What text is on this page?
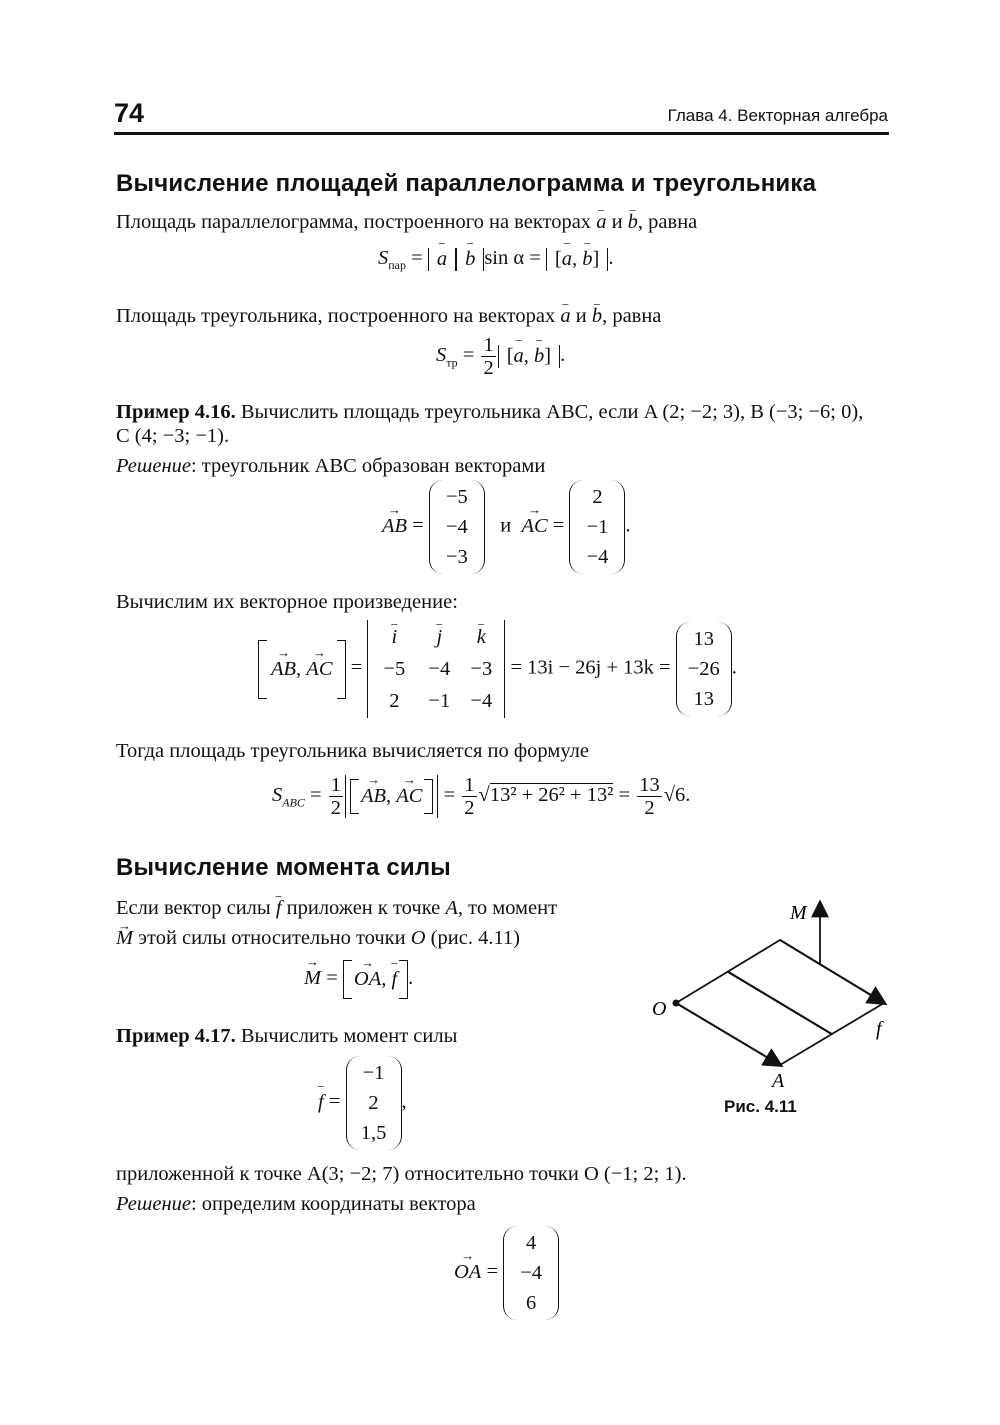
74	Глава 4. Векторная алгебра
Вычисление площадей параллелограмма и треугольника
Площадь параллелограмма, построенного на векторах − a и − b, равна
$S_{пар}$ = − a − b sin α = [− a, − b] .
Площадь треугольника, построенного на векторах − a и − b, равна
$S_{тр} = \frac{1}{2}$ [− a, − b] .
Пример 4.16. Вычислить площадь треугольника ABC, если A (2; −2; 3), B (−3; −6; 0),
C (4; −3; −1).
Решение: треугольник ABC образован векторами
→ AB =
−5
−4
−3
и → AC =
2
−1
−4
.
Вычислим их векторное произведение:
→ AB, → AC =
− i	− j	− k
−5	−4 −3
2	−1 −4
= 13i − 26j + 13k =
13
−26
13
.
Тогда площадь треугольника вычисляется по формуле
$S_{ABC} = \frac{1}{2}$ → AB, → AC = $\frac{1}{2} √13^2 + 26^2 + 13^2 = \frac{13}{2} √6$.
Вычисление момента силы
Если вектор силы − f приложен к точке A, то момент
→ M этой силы относительно точки O (рис. 4.11)
→ M = → OA, − f .
M
O
A
f
Рис. 4.11
Пример 4.17. Вычислить момент силы
− f =
−1
2
1,5
,
приложенной к точке A(3; −2; 7) относительно точки O (−1; 2; 1).
Решение: определим координаты вектора
→ OA =
4
−4
6
